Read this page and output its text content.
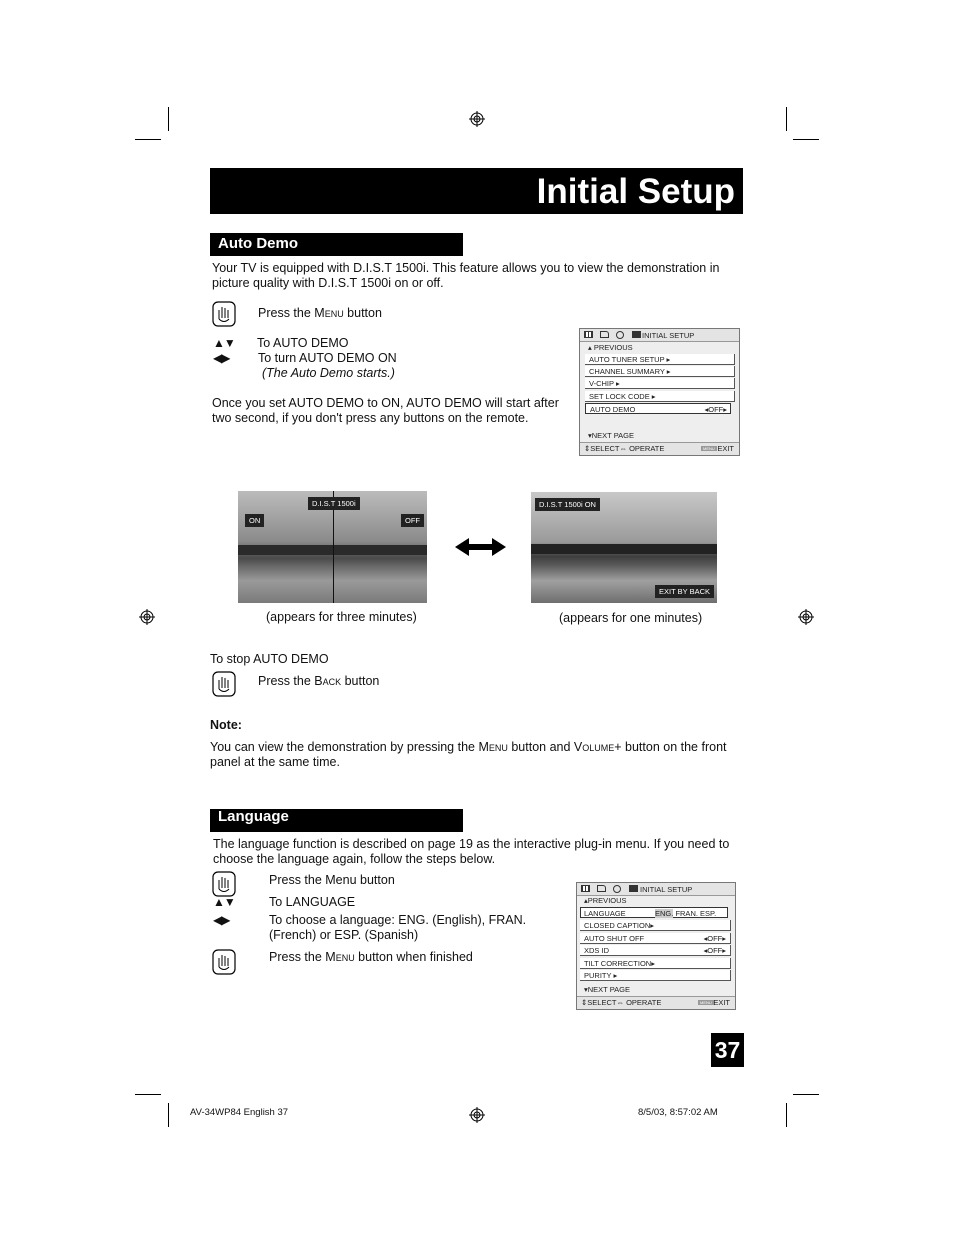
Initial Setup
Auto Demo
Your TV is equipped with D.I.S.T 1500i. This feature allows you to view the demonstration in
picture quality with D.I.S.T 1500i on or off.
Press the Menu button
▲▼ To AUTO DEMO
◀▶ To turn AUTO DEMO ON
(The Auto Demo starts.)
Once you set AUTO DEMO to ON, AUTO DEMO will start after
two second, if you don't press any buttons on the remote.
INITIAL SETUP
▴ PREVIOUS
AUTO TUNER SETUP ▸
CHANNEL SUMMARY ▸
V-CHIP ▸
SET LOCK CODE ▸
AUTO DEMO	◂OFF▸
▾NEXT PAGE
⇕SELECT⇔ OPERATE	MENU EXIT
D.I.S.T 1500i
ON	OFF
D.I.S.T 1500i ON
EXIT BY BACK
(appears for three minutes)	(appears for one minutes)
To stop AUTO DEMO
Press the Back button
Note:
You can view the demonstration by pressing the Menu button and Volume+ button on the front
panel at the same time.
Language
The language function is described on page 19 as the interactive plug-in menu. If you need to
choose the language again, follow the steps below.
Press the Menu button
▲▼	To LANGUAGE
◀▶	To choose a language: ENG. (English), FRAN.
(French) or ESP. (Spanish)
Press the Menu button when finished
INITIAL SETUP
▴PREVIOUS
LANGUAGE	ENG. FRAN. ESP.
CLOSED CAPTION▸
AUTO SHUT OFF	◂OFF▸
XDS ID	◂OFF▸
TILT CORRECTION▸
PURITY ▸
▾NEXT PAGE
⇕SELECT⇔ OPERATE	MENU EXIT
37
AV-34WP84 English 37	8/5/03, 8:57:02 AM
